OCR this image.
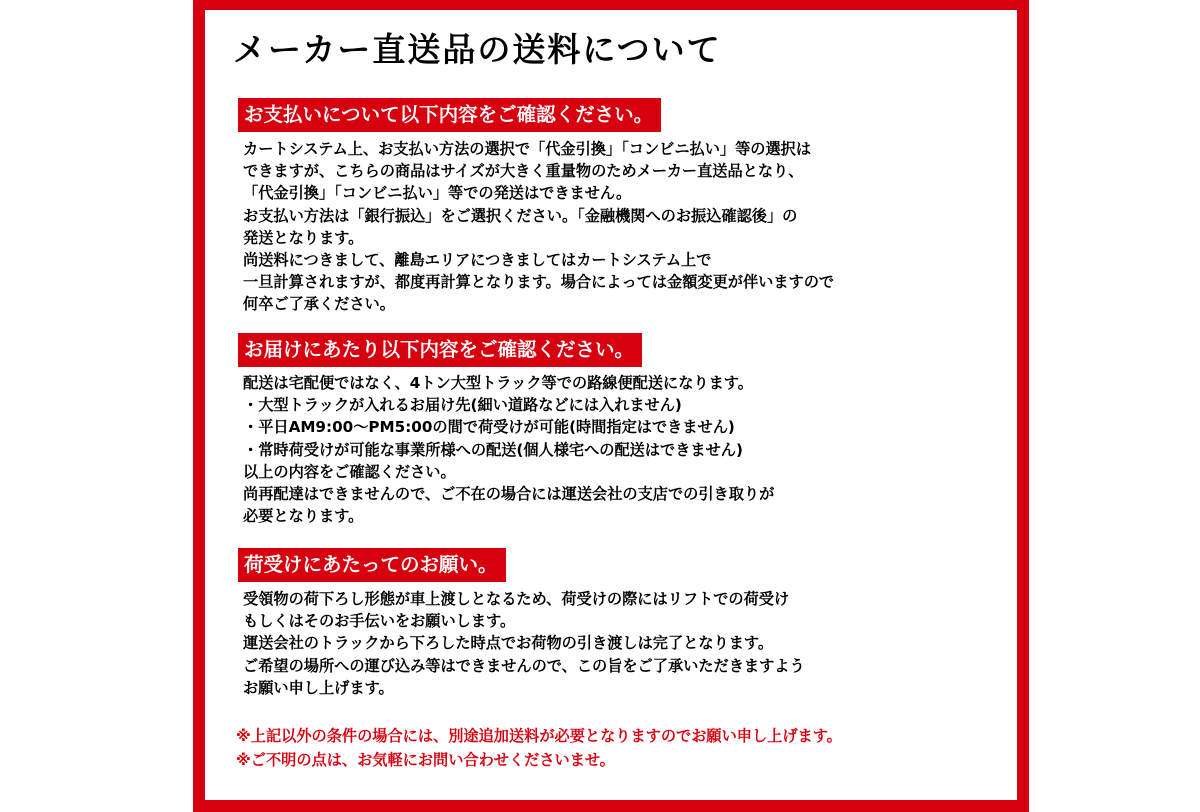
メーカー直送品の送料について
お支払いについて以下内容をご確認ください。
カートシステム上、お支払い方法の選択で「代金引換」「コンビニ払い」等の選択は
できますが、こちらの商品はサイズが大きく重量物のためメーカー直送品となり、
「代金引換」「コンビニ払い」等での発送はできません。
お支払い方法は「銀行振込」をご選択ください。「金融機関へのお振込確認後」の
発送となります。
尚送料につきまして、離島エリアにつきましてはカートシステム上で
一旦計算されますが、都度再計算となります。場合によっては金額変更が伴いますので
何卒ご了承ください。
お届けにあたり以下内容をご確認ください。
配送は宅配便ではなく、4トン大型トラック等での路線便配送になります。
・大型トラックが入れるお届け先(細い道路などには入れません)
・平日AM9:00～PM5:00の間で荷受けが可能(時間指定はできません)
・常時荷受けが可能な事業所様への配送(個人様宅への配送はできません)
以上の内容をご確認ください。
尚再配達はできませんので、ご不在の場合には運送会社の支店での引き取りが
必要となります。
荷受けにあたってのお願い。
受領物の荷下ろし形態が車上渡しとなるため、荷受けの際にはリフトでの荷受け
もしくはそのお手伝いをお願いします。
運送会社のトラックから下ろした時点でお荷物の引き渡しは完了となります。
ご希望の場所への運び込み等はできませんので、この旨をご了承いただきますよう
お願い申し上げます。
※上記以外の条件の場合には、別途追加送料が必要となりますのでお願い申し上げます。
※ご不明の点は、お気軽にお問い合わせくださいませ。
